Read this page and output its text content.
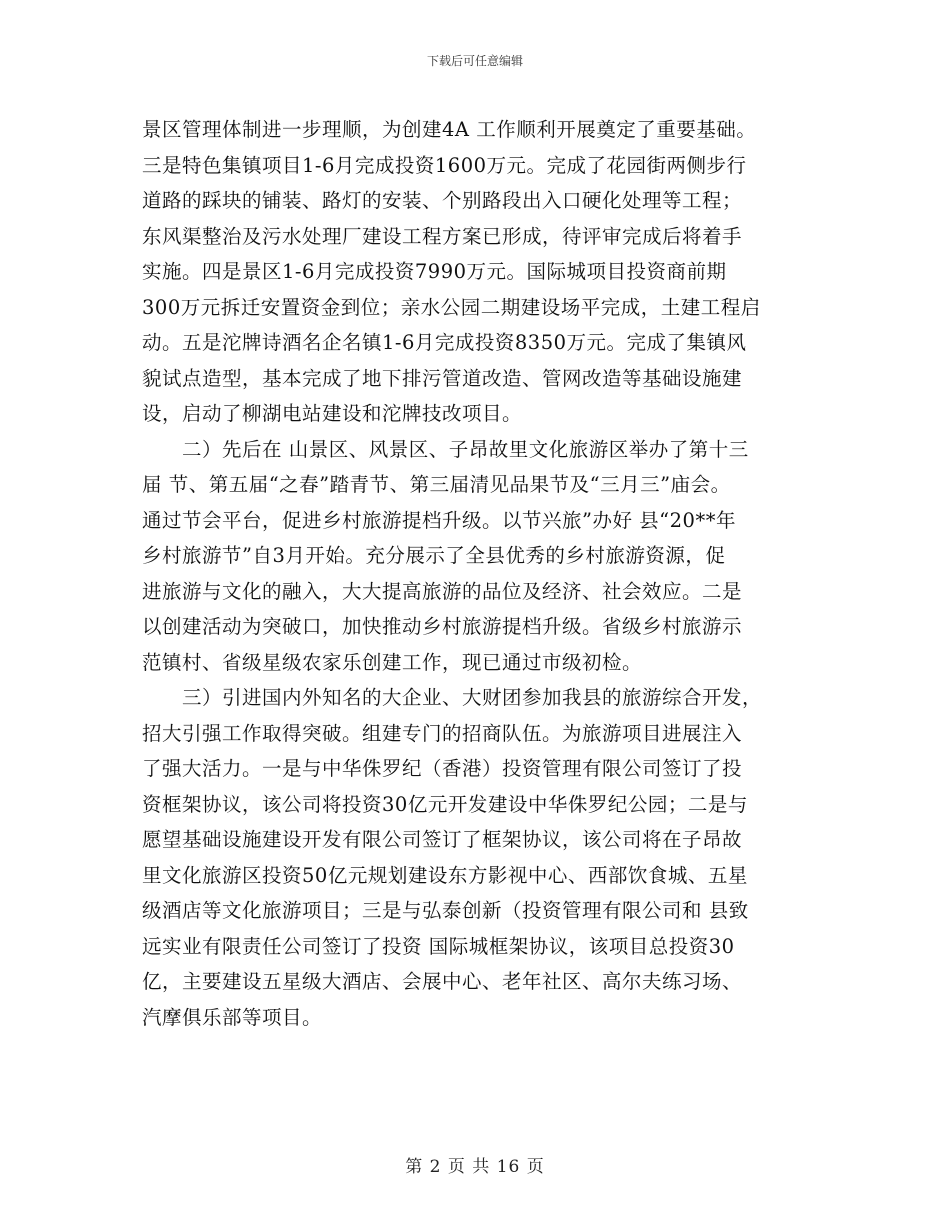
下载后可任意编辑
景区管理体制进一步理顺，为创建4A 工作顺利开展奠定了重要基础。
三是特色集镇项目1-6月完成投资1600万元。完成了花园街两侧步行
道路的踩块的铺装、路灯的安装、个别路段出入口硬化处理等工程；
东风渠整治及污水处理厂建设工程方案已形成，待评审完成后将着手
实施。四是景区1-6月完成投资7990万元。国际城项目投资商前期
300万元拆迁安置资金到位；亲水公园二期建设场平完成，土建工程启
动。五是沱牌诗酒名企名镇1-6月完成投资8350万元。完成了集镇风
貌试点造型，基本完成了地下排污管道改造、管网改造等基础设施建
设，启动了柳湖电站建设和沱牌技改项目。
二）先后在 山景区、风景区、子昂故里文化旅游区举办了第十三
届 节、第五届“之春”踏青节、第三届清见品果节及“三月三”庙会。
通过节会平台，促进乡村旅游提档升级。以节兴旅”办好 县“20**年
乡村旅游节”自3月开始。充分展示了全县优秀的乡村旅游资源，促
进旅游与文化的融入，大大提高旅游的品位及经济、社会效应。二是
以创建活动为突破口，加快推动乡村旅游提档升级。省级乡村旅游示
范镇村、省级星级农家乐创建工作，现已通过市级初检。
三）引进国内外知名的大企业、大财团参加我县的旅游综合开发，
招大引强工作取得突破。组建专门的招商队伍。为旅游项目进展注入
了强大活力。一是与中华侏罗纪（香港）投资管理有限公司签订了投
资框架协议，该公司将投资30亿元开发建设中华侏罗纪公园；二是与
愿望基础设施建设开发有限公司签订了框架协议，该公司将在子昂故
里文化旅游区投资50亿元规划建设东方影视中心、西部饮食城、五星
级酒店等文化旅游项目；三是与弘泰创新（投资管理有限公司和 县致
远实业有限责任公司签订了投资 国际城框架协议，该项目总投资30
亿，主要建设五星级大酒店、会展中心、老年社区、高尔夫练习场、
汽摩俱乐部等项目。
第 2 页 共 16 页
